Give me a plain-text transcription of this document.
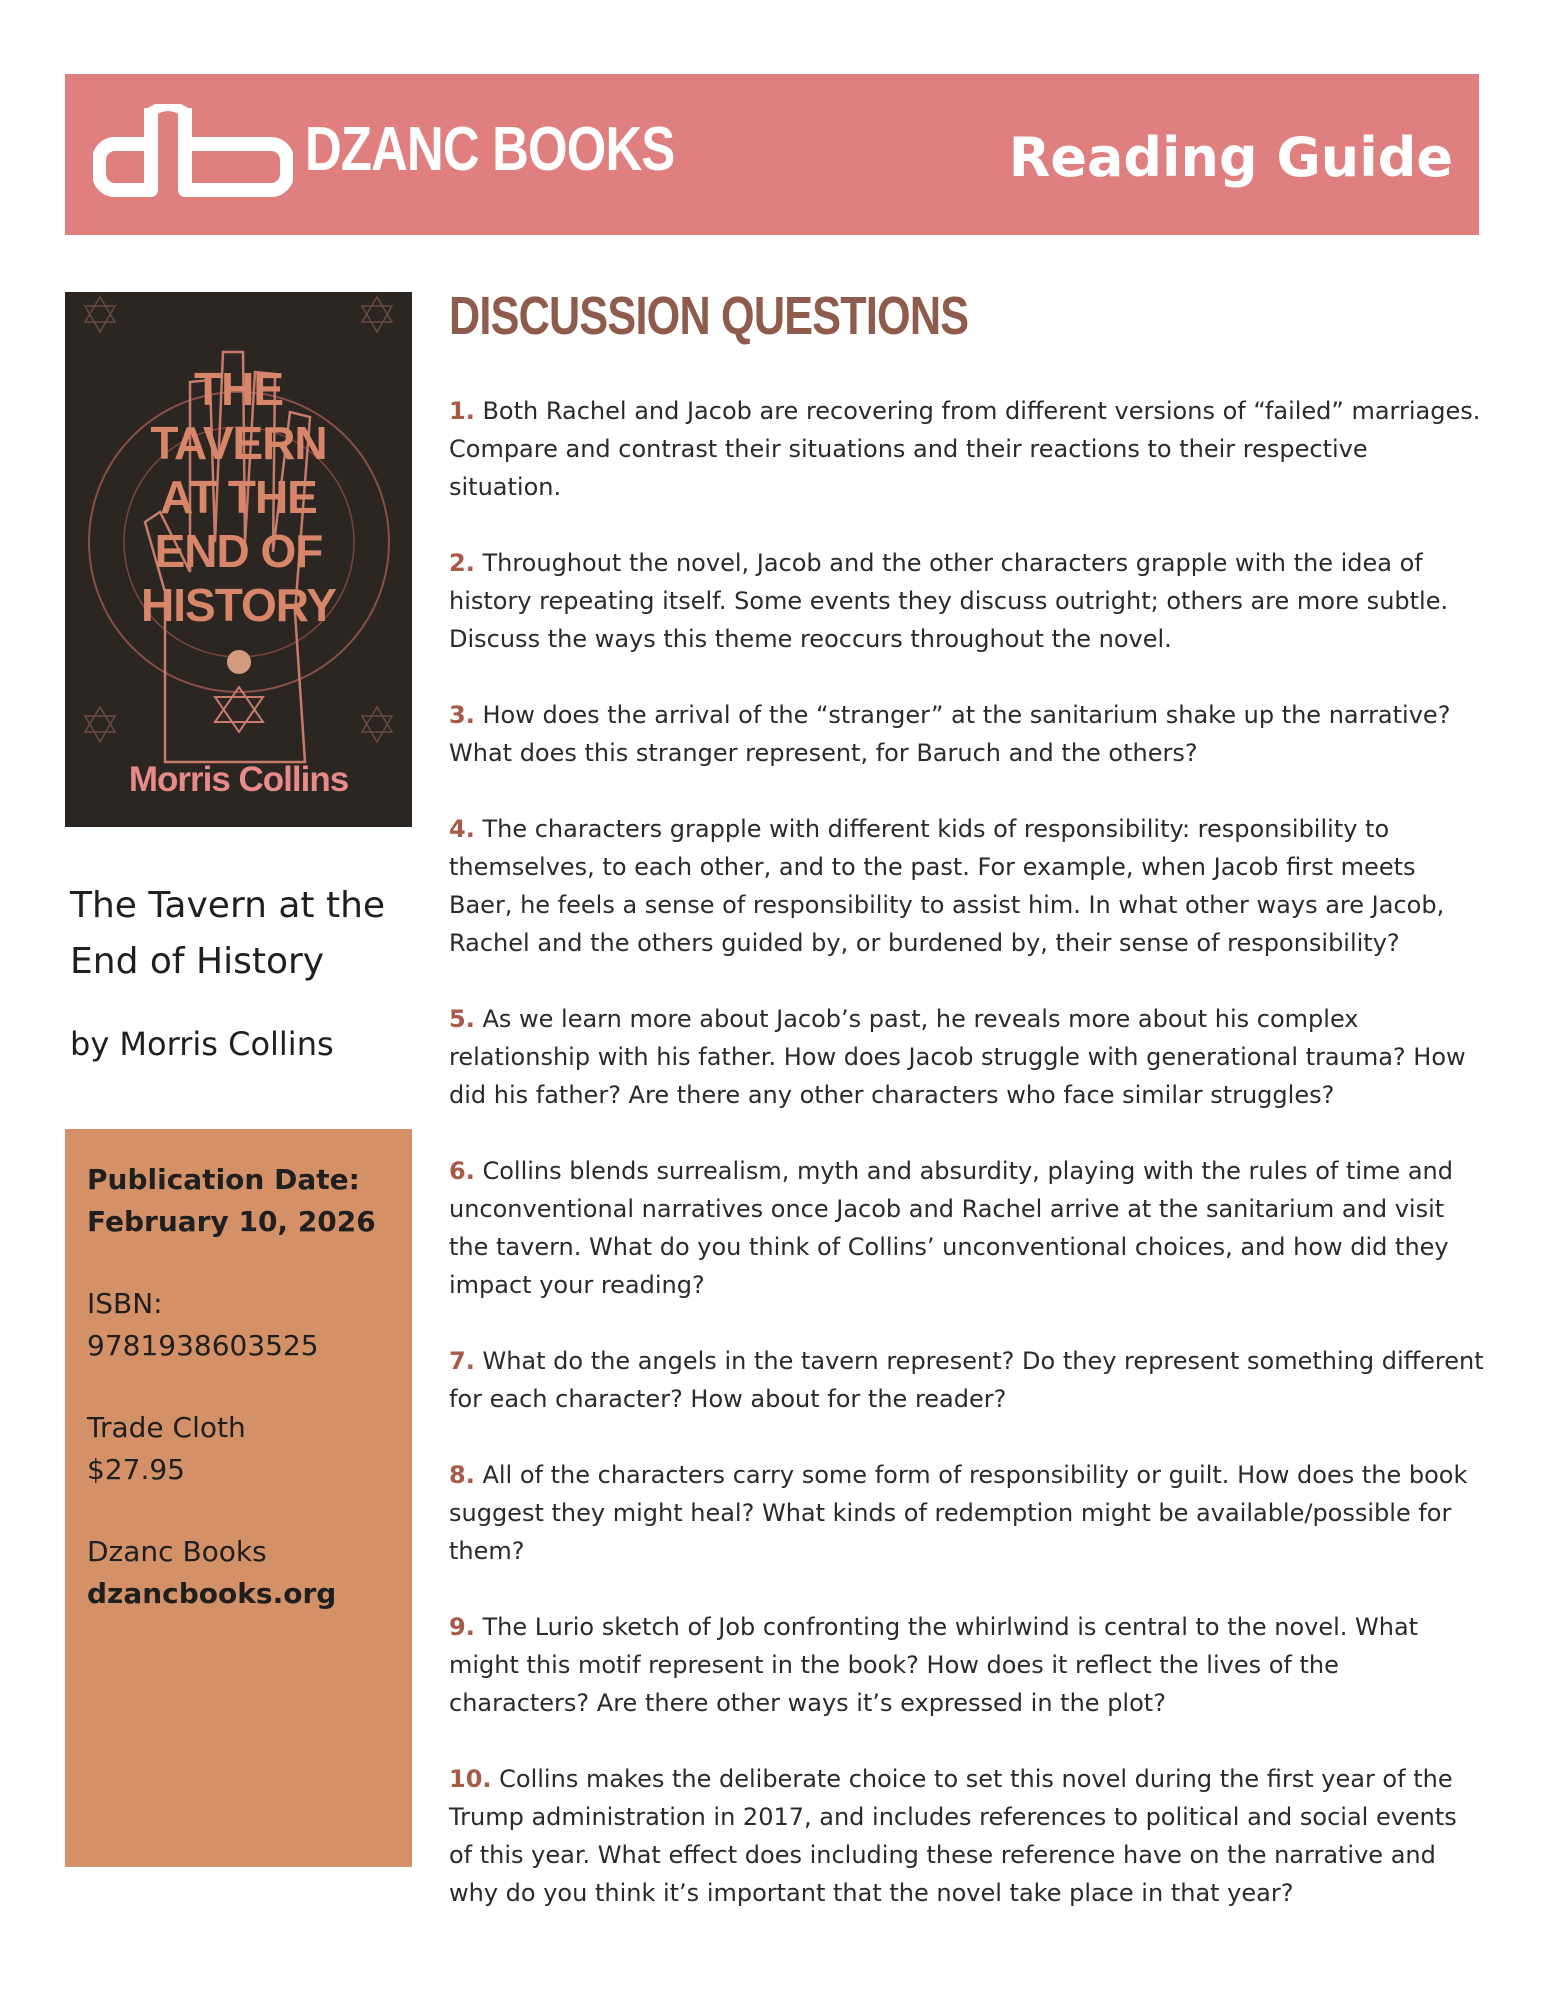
DZANC BOOKS	Reading Guide
THE
TAVERN
AT THE
END OF
HISTORY
Morris Collins
The Tavern at the End of History
by Morris Collins

Publication Date:
February 10, 2026

ISBN:
9781938603525

Trade Cloth
$27.95

Dzanc Books
dzancbooks.org

DISCUSSION QUESTIONS
1. Both Rachel and Jacob are recovering from different versions of “failed” marriages. Compare and contrast their situations and their reactions to their respective situation.
2. Throughout the novel, Jacob and the other characters grapple with the idea of history repeating itself. Some events they discuss outright; others are more subtle. Discuss the ways this theme reoccurs throughout the novel.
3. How does the arrival of the “stranger” at the sanitarium shake up the narrative? What does this stranger represent, for Baruch and the others?
4. The characters grapple with different kids of responsibility: responsibility to themselves, to each other, and to the past. For example, when Jacob first meets Baer, he feels a sense of responsibility to assist him. In what other ways are Jacob, Rachel and the others guided by, or burdened by, their sense of responsibility?
5. As we learn more about Jacob’s past, he reveals more about his complex relationship with his father. How does Jacob struggle with generational trauma? How did his father? Are there any other characters who face similar struggles?
6. Collins blends surrealism, myth and absurdity, playing with the rules of time and unconventional narratives once Jacob and Rachel arrive at the sanitarium and visit the tavern. What do you think of Collins’ unconventional choices, and how did they impact your reading?
7. What do the angels in the tavern represent? Do they represent something different for each character? How about for the reader?
8. All of the characters carry some form of responsibility or guilt. How does the book suggest they might heal? What kinds of redemption might be available/possible for them?
9. The Lurio sketch of Job confronting the whirlwind is central to the novel. What might this motif represent in the book? How does it reflect the lives of the characters? Are there other ways it’s expressed in the plot?
10. Collins makes the deliberate choice to set this novel during the first year of the Trump administration in 2017, and includes references to political and social events of this year. What effect does including these reference have on the narrative and why do you think it’s important that the novel take place in that year?
